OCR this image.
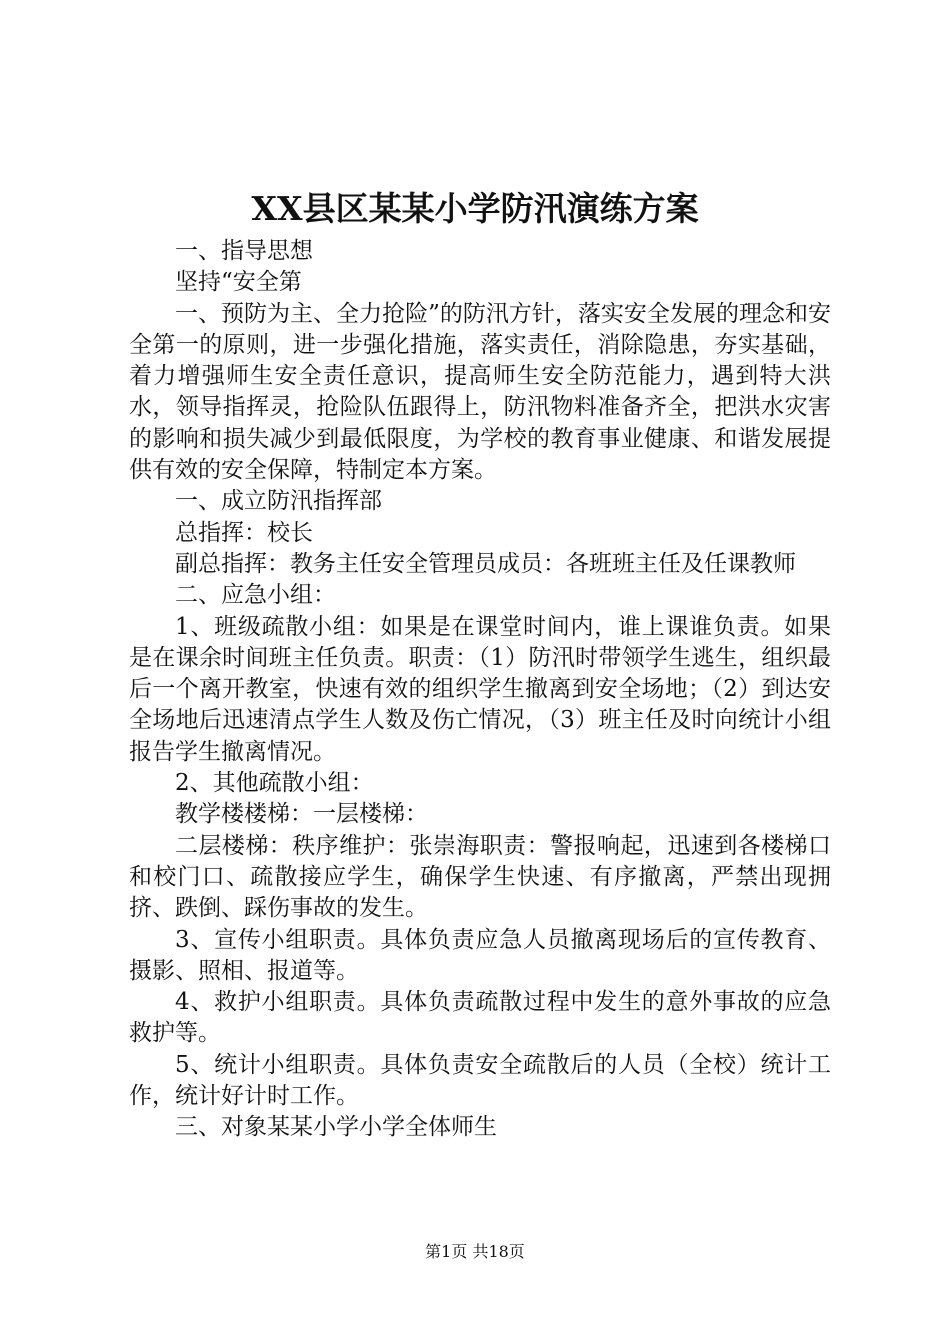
XX县区某某小学防汛演练方案

一、指导思想

坚持“安全第

一、预防为主、全力抢险”的防汛方针，落实安全发展的理念和安全第一的原则，进一步强化措施，落实责任，消除隐患，夯实基础，着力增强师生安全责任意识，提高师生安全防范能力，遇到特大洪水，领导指挥灵，抢险队伍跟得上，防汛物料准备齐全，把洪水灾害的影响和损失减少到最低限度，为学校的教育事业健康、和谐发展提供有效的安全保障，特制定本方案。

一、成立防汛指挥部

总指挥：校长

副总指挥：教务主任安全管理员成员：各班班主任及任课教师

二、应急小组：

1、班级疏散小组：如果是在课堂时间内，谁上课谁负责。如果是在课余时间班主任负责。职责：（1）防汛时带领学生逃生，组织最后一个离开教室，快速有效的组织学生撤离到安全场地；（2）到达安全场地后迅速清点学生人数及伤亡情况，（3）班主任及时向统计小组报告学生撤离情况。

2、其他疏散小组：

教学楼楼梯：一层楼梯：

二层楼梯：秩序维护：张崇海职责：警报响起，迅速到各楼梯口和校门口、疏散接应学生，确保学生快速、有序撤离，严禁出现拥挤、跌倒、踩伤事故的发生。

3、宣传小组职责。具体负责应急人员撤离现场后的宣传教育、摄影、照相、报道等。

4、救护小组职责。具体负责疏散过程中发生的意外事故的应急救护等。

5、统计小组职责。具体负责安全疏散后的人员（全校）统计工作，统计好计时工作。

三、对象某某小学小学全体师生

第1页 共18页
